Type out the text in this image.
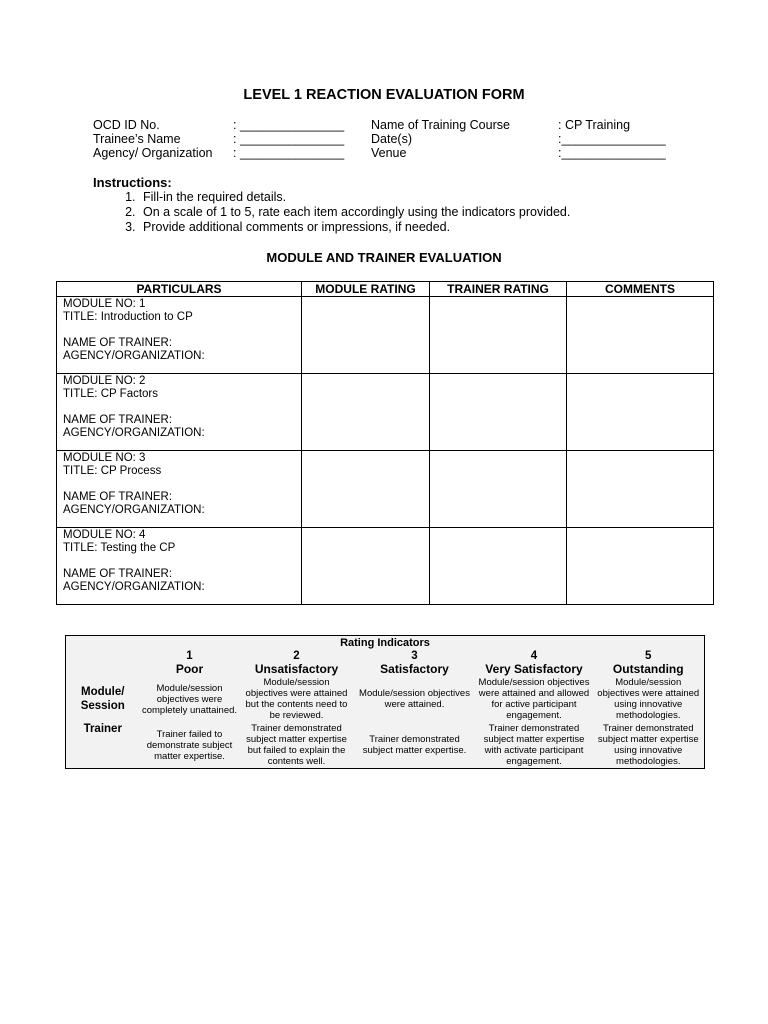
LEVEL 1 REACTION EVALUATION FORM
OCD ID No.	: _______________	Name of Training Course	: CP Training
Trainee’s Name	: _______________	Date(s)	:_______________
Agency/ Organization	: _______________	Venue	:_______________
Instructions:
1. Fill-in the required details.
2. On a scale of 1 to 5, rate each item accordingly using the indicators provided.
3. Provide additional comments or impressions, if needed.
MODULE AND TRAINER EVALUATION
PARTICULARS	MODULE RATING	TRAINER RATING	COMMENTS

MODULE NO: 1
TITLE: Introduction to CP
NAME OF TRAINER:
AGENCY/ORGANIZATION:			

MODULE NO: 2
TITLE: CP Factors
NAME OF TRAINER:
AGENCY/ORGANIZATION:			

MODULE NO: 3
TITLE: CP Process
NAME OF TRAINER:
AGENCY/ORGANIZATION:			

MODULE NO: 4
TITLE: Testing the CP
NAME OF TRAINER:
AGENCY/ORGANIZATION:			

Rating Indicators					
	1	2	3	4	5
	Poor	Unsatisfactory	Satisfactory	Very Satisfactory	Outstanding
Module/ Session	Module/session objectives were completely unattained.	Module/session objectives were attained but the contents need to be reviewed.	Module/session objectives were attained.	Module/session objectives were attained and allowed for active participant engagement.	Module/session objectives were attained using innovative methodologies.
Trainer	Trainer failed to demonstrate subject matter expertise.	Trainer demonstrated subject matter expertise but failed to explain the contents well.	Trainer demonstrated subject matter expertise.	Trainer demonstrated subject matter expertise with activate participant engagement.	Trainer demonstrated subject matter expertise using innovative methodologies.
